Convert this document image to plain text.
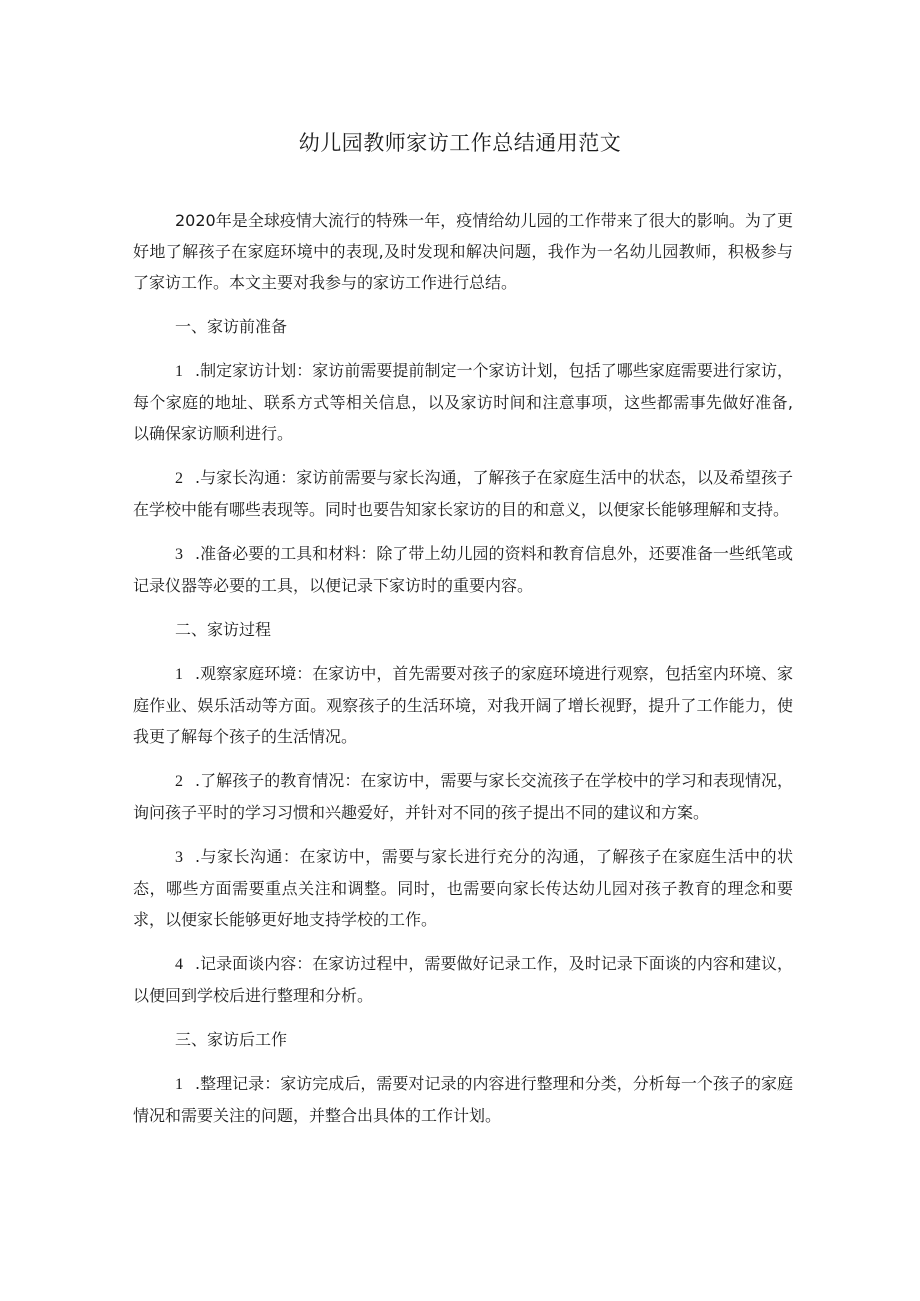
幼儿园教师家访工作总结通用范文

2020年是全球疫情大流行的特殊一年，疫情给幼儿园的工作带来了很大的影响。为了更好地了解孩子在家庭环境中的表现,及时发现和解决问题，我作为一名幼儿园教师，积极参与了家访工作。本文主要对我参与的家访工作进行总结。

一、家访前准备

1 .制定家访计划：家访前需要提前制定一个家访计划，包括了哪些家庭需要进行家访，每个家庭的地址、联系方式等相关信息，以及家访时间和注意事项，这些都需事先做好准备,以确保家访顺利进行。

2 .与家长沟通：家访前需要与家长沟通，了解孩子在家庭生活中的状态，以及希望孩子在学校中能有哪些表现等。同时也要告知家长家访的目的和意义，以便家长能够理解和支持。

3 .准备必要的工具和材料：除了带上幼儿园的资料和教育信息外，还要准备一些纸笔或记录仪器等必要的工具，以便记录下家访时的重要内容。

二、家访过程

1 .观察家庭环境：在家访中，首先需要对孩子的家庭环境进行观察，包括室内环境、家庭作业、娱乐活动等方面。观察孩子的生活环境，对我开阔了增长视野，提升了工作能力，使我更了解每个孩子的生活情况。

2 .了解孩子的教育情况：在家访中，需要与家长交流孩子在学校中的学习和表现情况，询问孩子平时的学习习惯和兴趣爱好，并针对不同的孩子提出不同的建议和方案。

3 .与家长沟通：在家访中，需要与家长进行充分的沟通，了解孩子在家庭生活中的状态，哪些方面需要重点关注和调整。同时，也需要向家长传达幼儿园对孩子教育的理念和要求，以便家长能够更好地支持学校的工作。

4 .记录面谈内容：在家访过程中，需要做好记录工作，及时记录下面谈的内容和建议，以便回到学校后进行整理和分析。

三、家访后工作

1 .整理记录：家访完成后，需要对记录的内容进行整理和分类，分析每一个孩子的家庭情况和需要关注的问题，并整合出具体的工作计划。
